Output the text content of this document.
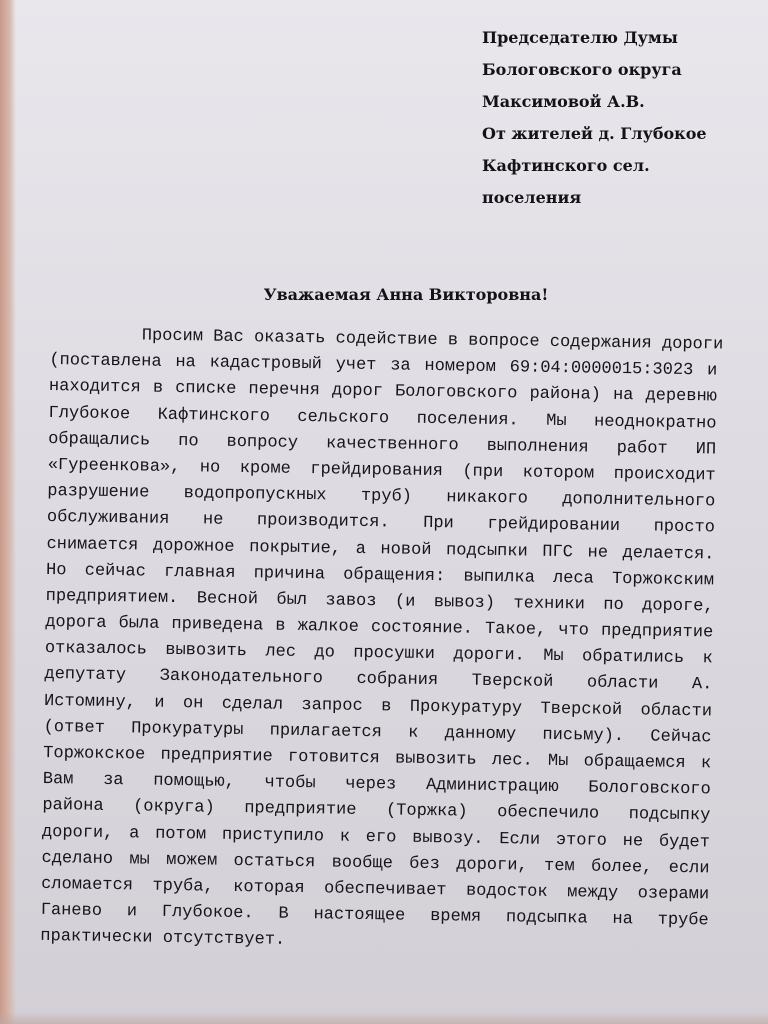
Председателю Думы
Бологовского округа
Максимовой А.В.
От жителей д. Глубокое
Кафтинского сел.
поселения
Уважаемая Анна Викторовна!
Просим Вас оказать содействие в вопросе содержания дороги
(поставлена на кадастровый учет за номером 69:04:0000015:3023 и
находится в списке перечня дорог Бологовского района) на деревню
Глубокое Кафтинского сельского поселения. Мы неоднократно
обращались по вопросу качественного выполнения работ ИП
«Гуреенкова», но кроме грейдирования (при котором происходит
разрушение водопропускных труб) никакого дополнительного
обслуживания не производится. При грейдировании просто
снимается дорожное покрытие, а новой подсыпки ПГС не делается.
Но сейчас главная причина обращения: выпилка леса Торжокским
предприятием. Весной был завоз (и вывоз) техники по дороге,
дорога была приведена в жалкое состояние. Такое, что предприятие
отказалось вывозить лес до просушки дороги. Мы обратились к
депутату Законодательного собрания Тверской области А.
Истомину, и он сделал запрос в Прокуратуру Тверской области
(ответ Прокуратуры прилагается к данному письму). Сейчас
Торжокское предприятие готовится вывозить лес. Мы обращаемся к
Вам за помощью, чтобы через Администрацию Бологовского
района (округа) предприятие (Торжка) обеспечило подсыпку
дороги, а потом приступило к его вывозу. Если этого не будет
сделано мы можем остаться вообще без дороги, тем более, если
сломается труба, которая обеспечивает водосток между озерами
Ганево и Глубокое. В настоящее время подсыпка на трубе
практически отсутствует.
